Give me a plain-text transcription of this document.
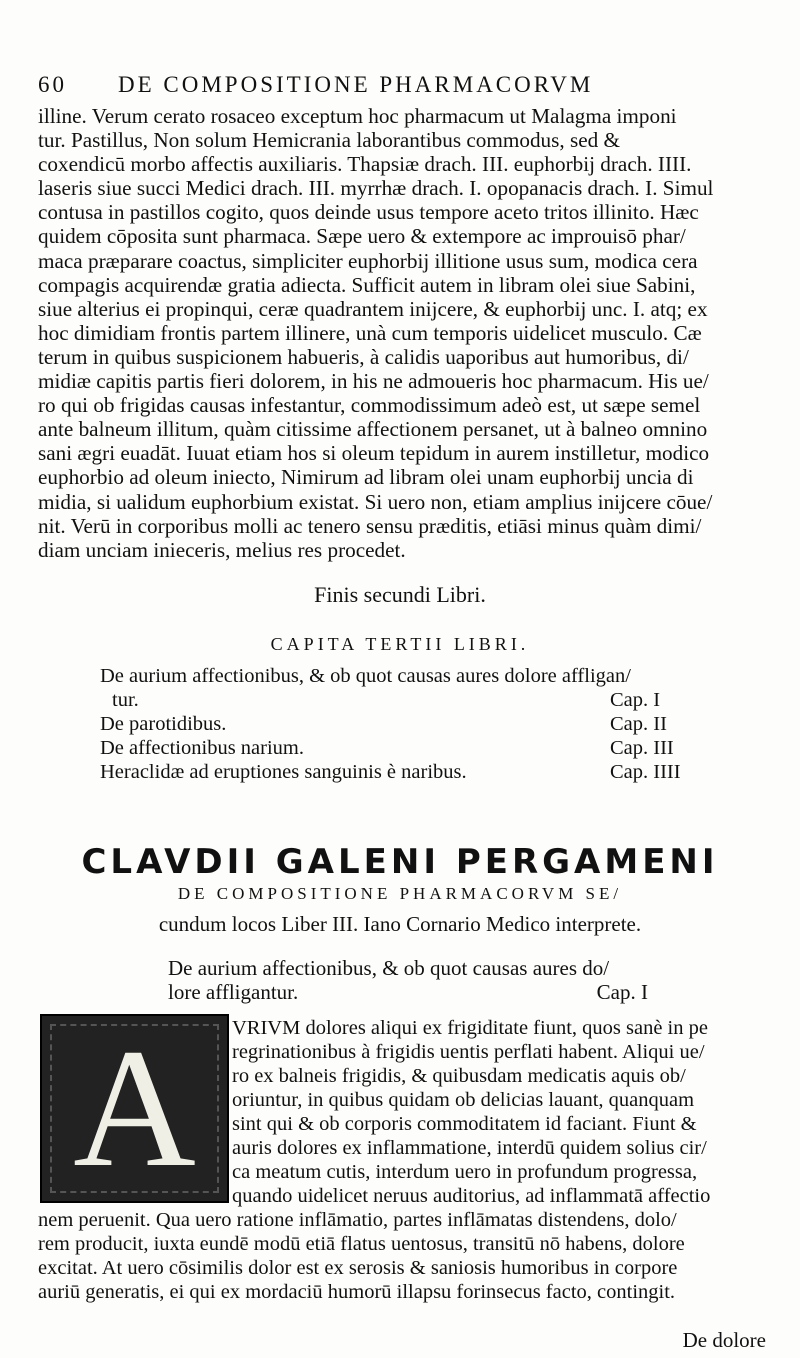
60	DE COMPOSITIONE PHARMACORVM
illine. Verum cerato rosaceo exceptum hoc pharmacum ut Malagma imponi
tur. Pastillus, Non solum Hemicrania laborantibus commodus, sed &
coxendicū morbo affectis auxiliaris. Thapsiæ drach. III. euphorbij drach. IIII.
laseris siue succi Medici drach. III. myrrhæ drach. I. opopanacis drach. I. Simul
contusa in pastillos cogito, quos deinde usus tempore aceto tritos illinito. Hæc
quidem cōposita sunt pharmaca. Sæpe uero & extempore ac improuisō phar/
maca præparare coactus, simpliciter euphorbij illitione usus sum, modica cera
compagis acquirendæ gratia adiecta. Sufficit autem in libram olei siue Sabini,
siue alterius ei propinqui, ceræ quadrantem inijcere, & euphorbij unc. I. atq; ex
hoc dimidiam frontis partem illinere, unà cum temporis uidelicet musculo. Cæ
terum in quibus suspicionem habueris, à calidis uaporibus aut humoribus, di/
midiæ capitis partis fieri dolorem, in his ne admoueris hoc pharmacum. His ue/
ro qui ob frigidas causas infestantur, commodissimum adeò est, ut sæpe semel
ante balneum illitum, quàm citissime affectionem persanet, ut à balneo omnino
sani ægri euadāt. Iuuat etiam hos si oleum tepidum in aurem instilletur, modico
euphorbio ad oleum iniecto, Nimirum ad libram olei unam euphorbij uncia di
midia, si ualidum euphorbium existat. Si uero non, etiam amplius inijcere cōue/
nit. Verū in corporibus molli ac tenero sensu præditis, etiāsi minus quàm dimi/
diam unciam inieceris, melius res procedet.
Finis secundi Libri.
CAPITA TERTII LIBRI.
De aurium affectionibus, & ob quot causas aures dolore affligan/
tur.	Cap. I
De parotidibus.	Cap. II
De affectionibus narium.	Cap. III
Heraclidæ ad eruptiones sanguinis è naribus.	Cap. IIII
CLAVDII GALENI PERGAMENI
DE COMPOSITIONE PHARMACORVM SE/
cundum locos Liber III. Iano Cornario Medico interprete.
De aurium affectionibus, & ob quot causas aures do/
lore affligantur.	Cap. I
A	VRIVM dolores aliqui ex frigiditate fiunt, quos sanè in pe
regrinationibus à frigidis uentis perflati habent. Aliqui ue/
ro ex balneis frigidis, & quibusdam medicatis aquis ob/
oriuntur, in quibus quidam ob delicias lauant, quanquam
sint qui & ob corporis commoditatem id faciant. Fiunt &
auris dolores ex inflammatione, interdū quidem solius cir/
ca meatum cutis, interdum uero in profundum progressa,
quando uidelicet neruus auditorius, ad inflammatā affectio
nem peruenit. Qua uero ratione inflāmatio, partes inflāmatas distendens, dolo/
rem producit, iuxta eundē modū etiā flatus uentosus, transitū nō habens, dolore
excitat. At uero cōsimilis dolor est ex serosis & saniosis humoribus in corpore
auriū generatis, ei qui ex mordaciū humorū illapsu forinsecus facto, contingit.
De dolore
